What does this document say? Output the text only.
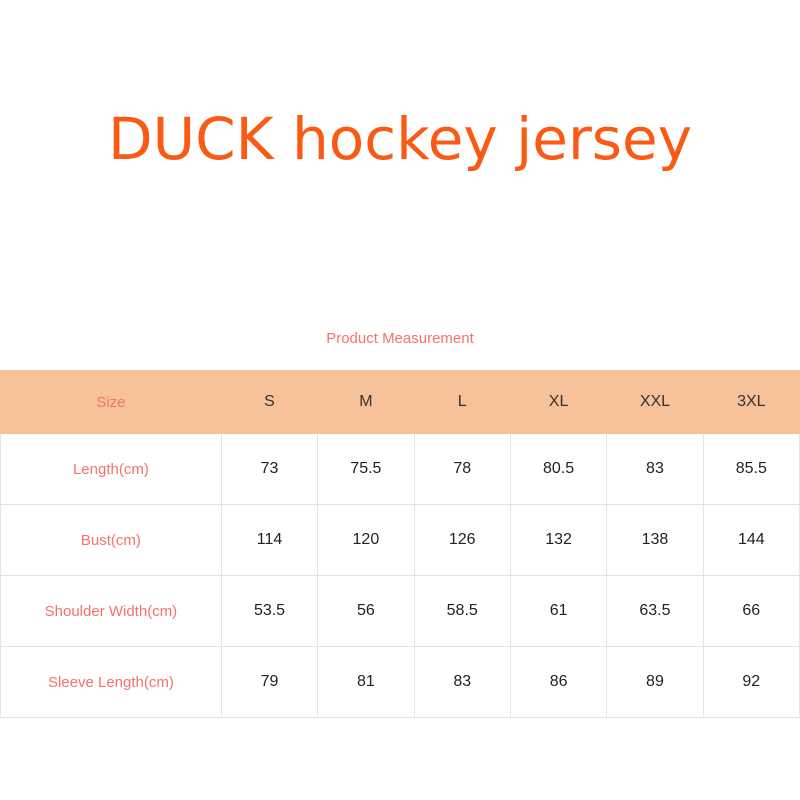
DUCK hockey jersey
Product Measurement
Size	S	M	L	XL	XXL	3XL
Length(cm)	73	75.5	78	80.5	83	85.5
Bust(cm)	114	120	126	132	138	144
Shoulder Width(cm)	53.5	56	58.5	61	63.5	66
Sleeve Length(cm)	79	81	83	86	89	92
